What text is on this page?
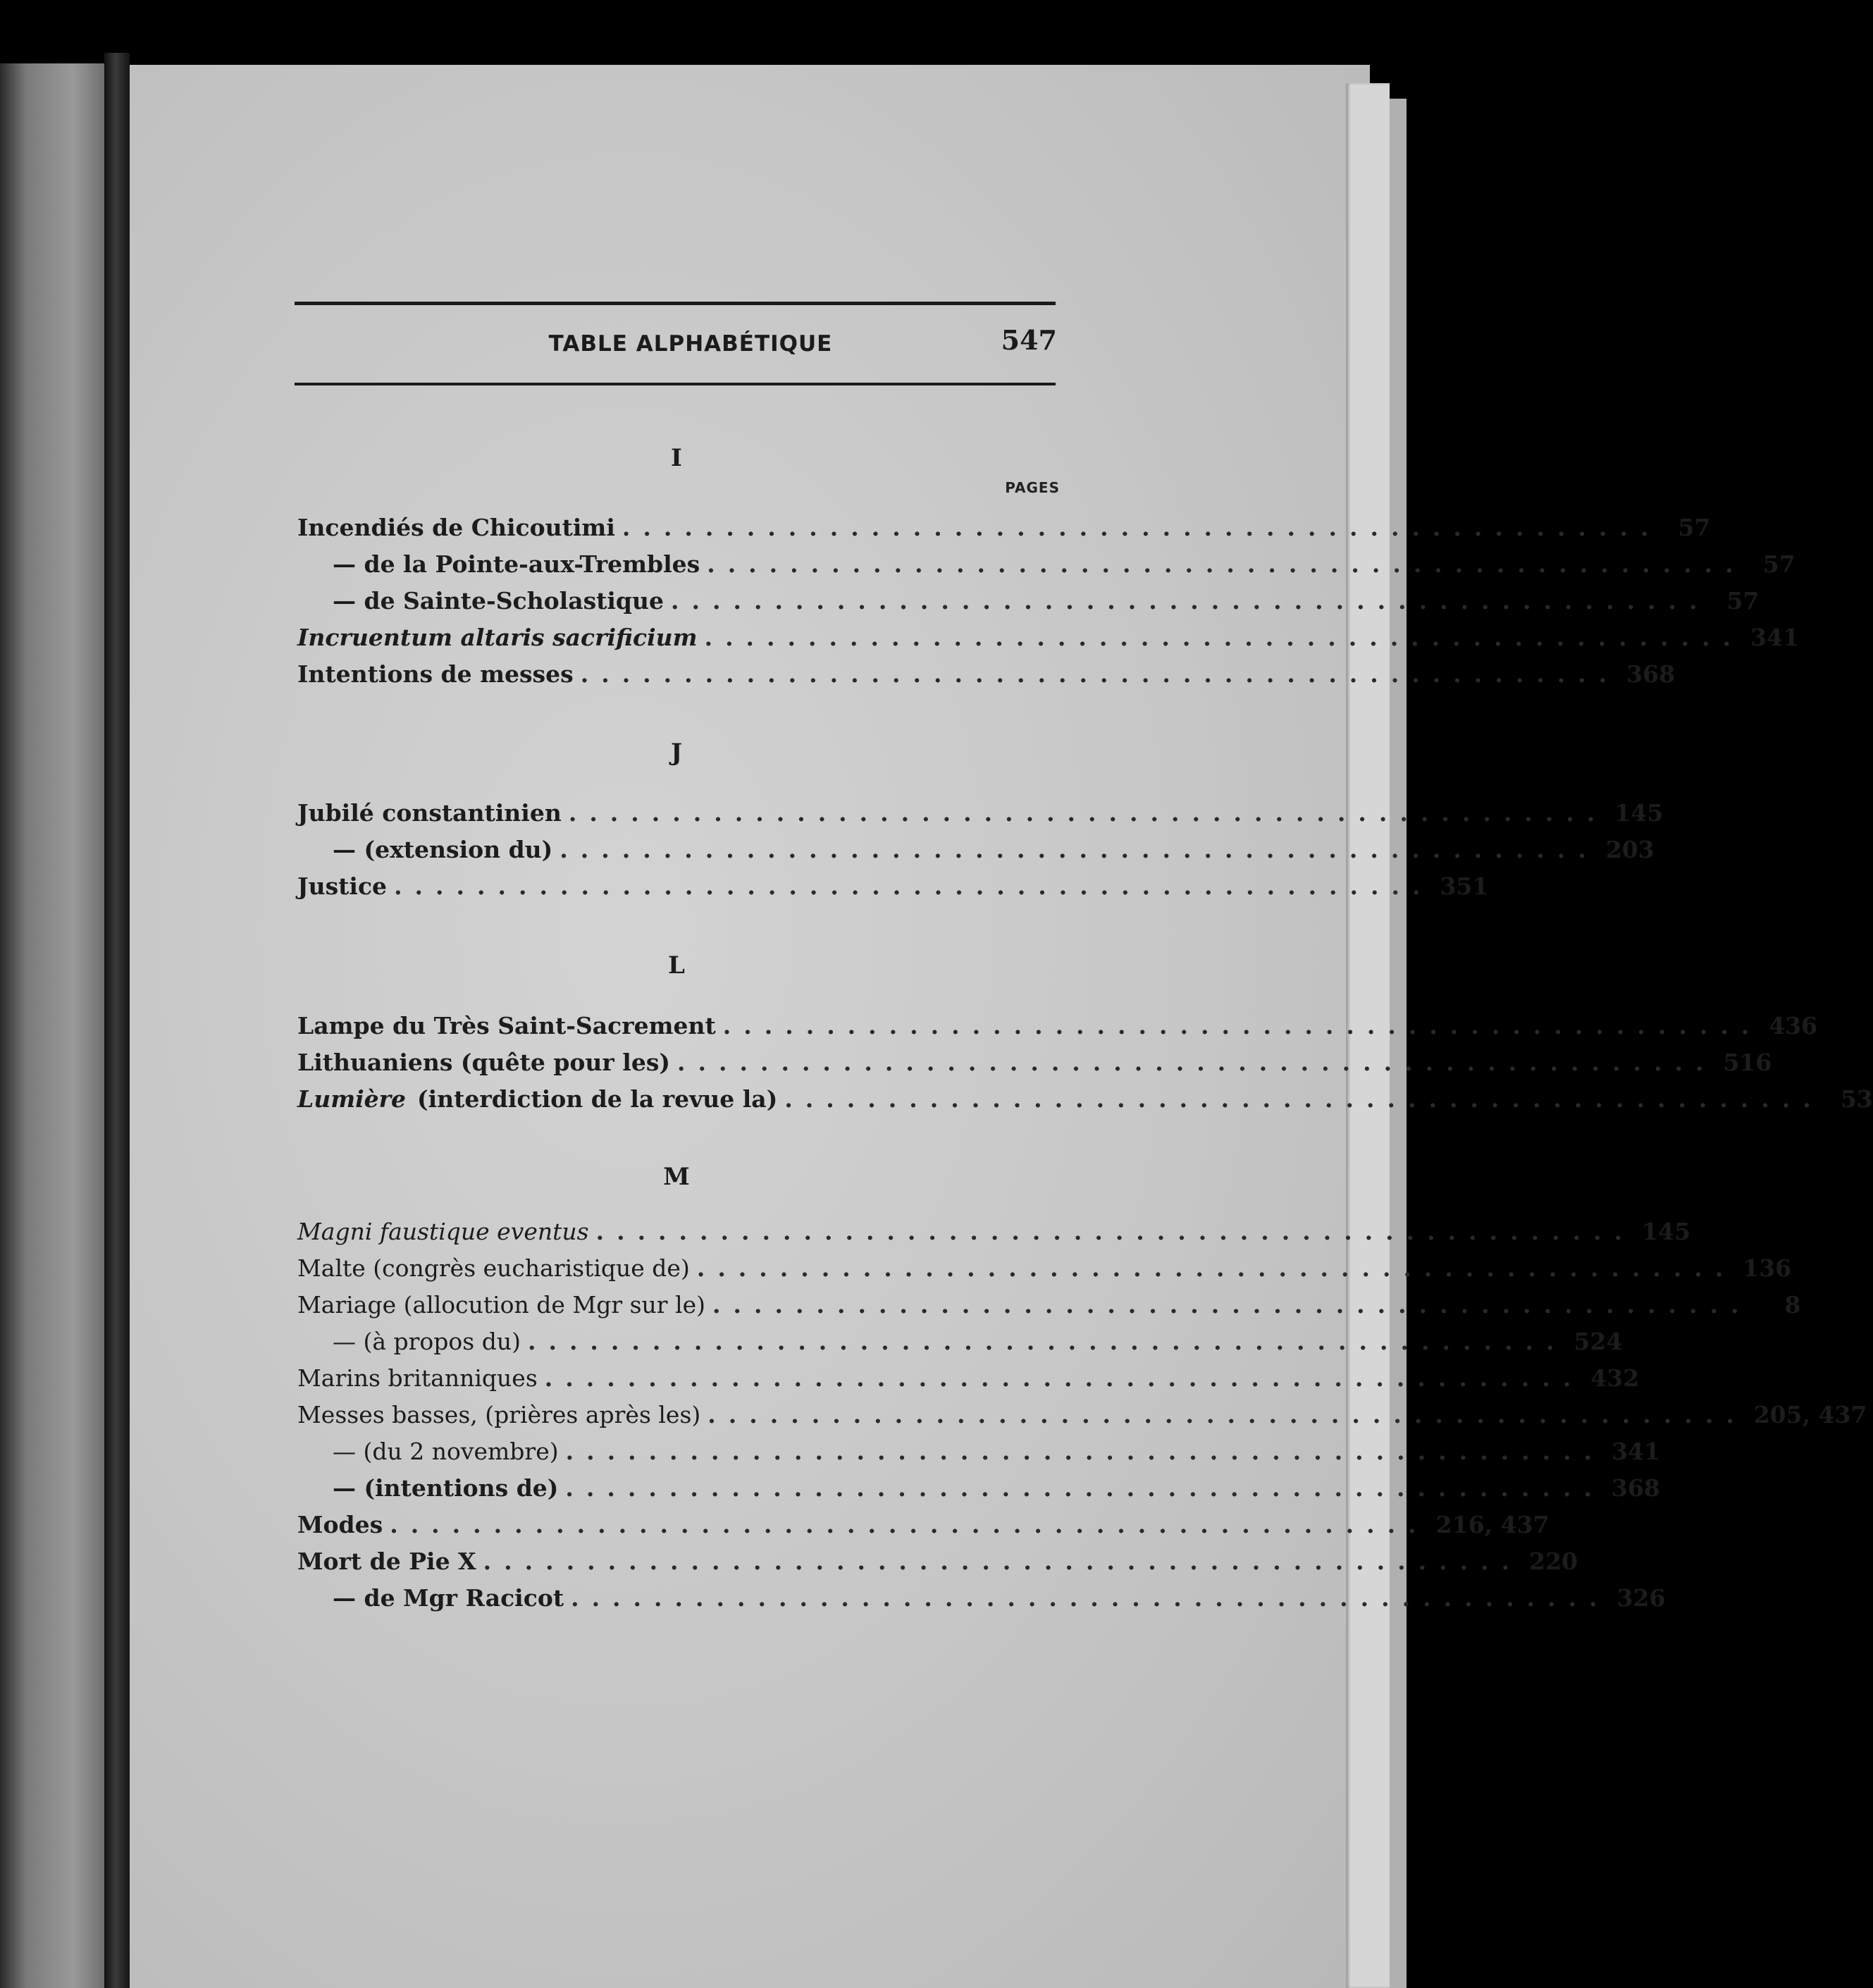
TABLE ALPHABÉTIQUE	547
I
PAGES
Incendiés de Chicoutimi .................................................. 57
— de la Pointe-aux-Trembles .................................................. 57
— de Sainte-Scholastique .................................................. 57
Incruentum altaris sacrificium .................................................. 341
Intentions de messes .................................................. 368
J
Jubilé constantinien .................................................. 145
— (extension du) .................................................. 203
Justice .................................................. 351
L
Lampe du Très Saint-Sacrement .................................................. 436
Lithuaniens (quête pour les) .................................................. 516
Lumière (interdiction de la revue la) .................................................. 53
M
Magni faustique eventus .................................................. 145
Malte (congrès eucharistique de) .................................................. 136
Mariage (allocution de Mgr sur le) ..................................................	8
— (à propos du) .................................................. 524
Marins britanniques .................................................. 432
Messes basses, (prières après les) .................................................. 205, 437
— (du 2 novembre) .................................................. 341
— (intentions de) .................................................. 368
Modes .................................................. 216, 437
Mort de Pie X .................................................. 220
— de Mgr Racicot .................................................. 326
